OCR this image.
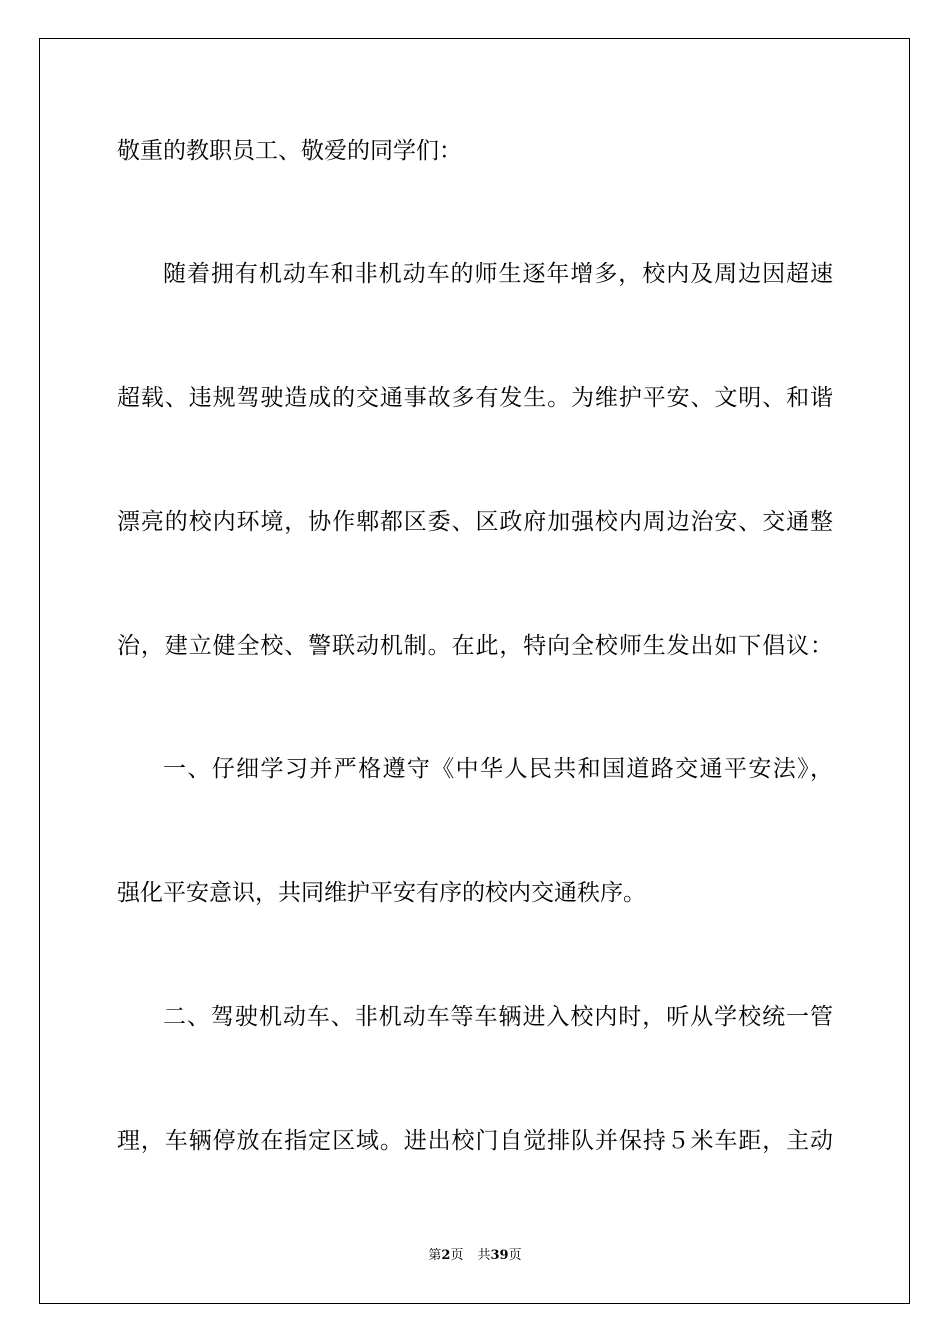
敬重的教职员工、敬爱的同学们：
随着拥有机动车和非机动车的师生逐年增多，校内及周边因超速
超载、违规驾驶造成的交通事故多有发生。为维护平安、文明、和谐
漂亮的校内环境，协作郫都区委、区政府加强校内周边治安、交通整
治，建立健全校、警联动机制。在此，特向全校师生发出如下倡议：
一、仔细学习并严格遵守《中华人民共和国道路交通平安法》，
强化平安意识，共同维护平安有序的校内交通秩序。
二、驾驶机动车、非机动车等车辆进入校内时，听从学校统一管
理，车辆停放在指定区域。进出校门自觉排队并保持５米车距，主动
第2页 共39页
